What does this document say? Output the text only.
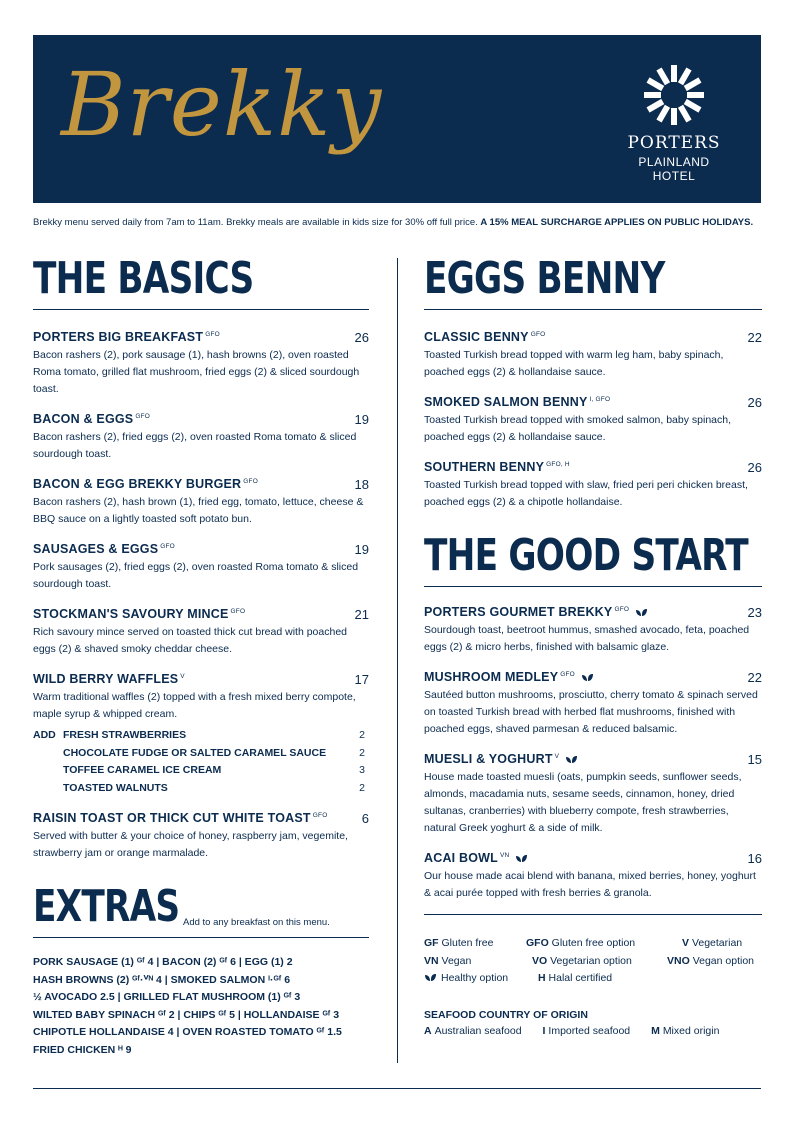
Brekky	PORTERS
PLAINLAND HOTEL
Brekky menu served daily from 7am to 11am. Brekky meals are available in kids size for 30% off full price. A 15% MEAL SURCHARGE APPLIES ON PUBLIC HOLIDAYS.
THE BASICS
PORTERS BIG BREAKFAST $^{GFO}$	26
Bacon rashers (2), pork sausage (1), hash browns (2), oven roasted Roma tomato, grilled flat mushroom, fried eggs (2) & sliced sourdough toast.
BACON & EGGS $^{GFO}$	19
Bacon rashers (2), fried eggs (2), oven roasted Roma tomato & sliced sourdough toast.
BACON & EGG BREKKY BURGER $^{GFO}$	18
Bacon rashers (2), hash brown (1), fried egg, tomato, lettuce, cheese & BBQ sauce on a lightly toasted soft potato bun.
SAUSAGES & EGGS $^{GFO}$	19
Pork sausages (2), fried eggs (2), oven roasted Roma tomato & sliced sourdough toast.
STOCKMAN'S SAVOURY MINCE $^{GFO}$	21
Rich savoury mince served on toasted thick cut bread with poached eggs (2) & shaved smoky cheddar cheese.
WILD BERRY WAFFLES $^V$	17
Warm traditional waffles (2) topped with a fresh mixed berry compote, maple syrup & whipped cream.
ADD FRESH STRAWBERRIES	2
CHOCOLATE FUDGE OR SALTED CARAMEL SAUCE	2
TOFFEE CARAMEL ICE CREAM	3
TOASTED WALNUTS	2
RAISIN TOAST OR THICK CUT WHITE TOAST $^{GFO}$	6
Served with butter & your choice of honey, raspberry jam, vegemite, strawberry jam or orange marmalade.
EXTRAS Add to any breakfast on this menu.
PORK SAUSAGE (1) ᴳᶠ 4 | BACON (2) ᴳᶠ 6 | EGG (1) 2
HASH BROWNS (2) ᴳᶠ·ⱽᴺ 4 | SMOKED SALMON ᴵ·ᴳᶠ 6
½ AVOCADO 2.5 | GRILLED FLAT MUSHROOM (1) ᴳᶠ 3
WILTED BABY SPINACH ᴳᶠ 2 | CHIPS ᴳᶠ 5 | HOLLANDAISE ᴳᶠ 3
CHIPOTLE HOLLANDAISE 4 | OVEN ROASTED TOMATO ᴳᶠ 1.5
FRIED CHICKEN ᴴ 9
EGGS BENNY
CLASSIC BENNY $^{GFO}$	22
Toasted Turkish bread topped with warm leg ham, baby spinach, poached eggs (2) & hollandaise sauce.
SMOKED SALMON BENNY $^{I, GFO}$	26
Toasted Turkish bread topped with smoked salmon, baby spinach, poached eggs (2) & hollandaise sauce.
SOUTHERN BENNY $^{GFO, H}$	26
Toasted Turkish bread topped with slaw, fried peri peri chicken breast, poached eggs (2) & a chipotle hollandaise.
THE GOOD START
PORTERS GOURMET BREKKY $^{GFO}$	23
Sourdough toast, beetroot hummus, smashed avocado, feta, poached eggs (2) & micro herbs, finished with balsamic glaze.
MUSHROOM MEDLEY $^{GFO}$	22
Sautéed button mushrooms, prosciutto, cherry tomato & spinach served on toasted Turkish bread with herbed flat mushrooms, finished with poached eggs, shaved parmesan & reduced balsamic.
MUESLI & YOGHURT $^V$	15
House made toasted muesli (oats, pumpkin seeds, sunflower seeds, almonds, macadamia nuts, sesame seeds, cinnamon, honey, dried sultanas, cranberries) with blueberry compote, fresh strawberries, natural Greek yoghurt & a side of milk.
ACAI BOWL $^{VN}$	16
Our house made acai blend with banana, mixed berries, honey, yoghurt & acai purée topped with fresh berries & granola.
GF Gluten free	GFO Gluten free option	V Vegetarian
VN Vegan	VO Vegetarian option	VNO Vegan option
Healthy option	H Halal certified
SEAFOOD COUNTRY OF ORIGIN
A Australian seafood I Imported seafood M Mixed origin
